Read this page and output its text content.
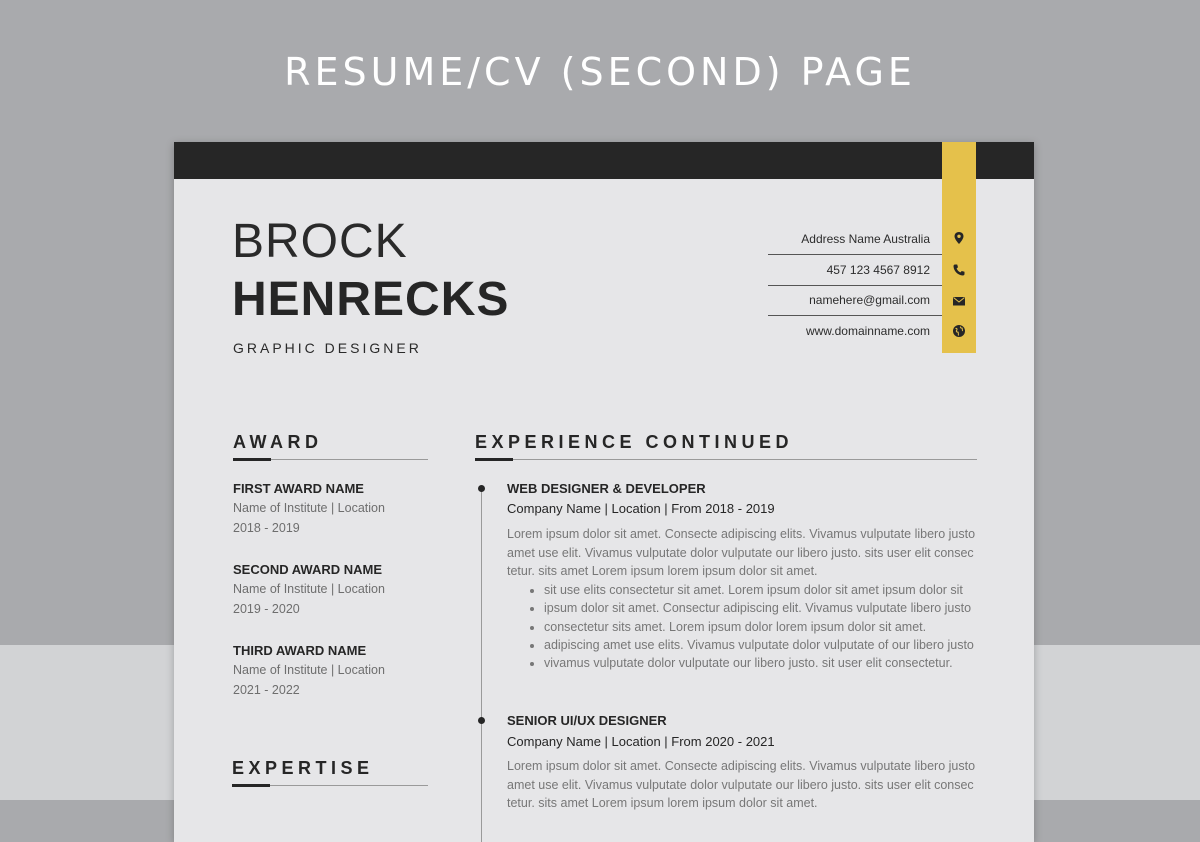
RESUME/CV (SECOND) PAGE
BROCK
HENRECKS
GRAPHIC DESIGNER
Address Name Australia
457 123 4567 8912
namehere@gmail.com
www.domainname.com
AWARD
FIRST AWARD NAME
Name of Institute | Location
2018 - 2019
SECOND AWARD NAME
Name of Institute | Location
2019 - 2020
THIRD AWARD NAME
Name of Institute | Location
2021 - 2022
EXPERTISE
EXPERIENCE CONTINUED
WEB DESIGNER & DEVELOPER
Company Name | Location | From 2018 - 2019
Lorem ipsum dolor sit amet. Consecte adipiscing elits. Vivamus vulputate libero justo amet use elit. Vivamus vulputate dolor vulputate our libero justo. sits user elit consec tetur. sits amet Lorem ipsum lorem ipsum dolor sit amet.
• sit use elits consectetur sit amet. Lorem ipsum dolor sit amet ipsum dolor sit
• ipsum dolor sit amet. Consectur adipiscing elit. Vivamus vulputate libero justo
• consectetur sits amet. Lorem ipsum dolor lorem ipsum dolor sit amet.
• adipiscing amet use elits. Vivamus vulputate dolor vulputate of our libero justo
• vivamus vulputate dolor vulputate our libero justo. sit user elit consectetur.
SENIOR UI/UX DESIGNER
Company Name | Location | From 2020 - 2021
Lorem ipsum dolor sit amet. Consecte adipiscing elits. Vivamus vulputate libero justo amet use elit. Vivamus vulputate dolor vulputate our libero justo. sits user elit consec tetur. sits amet Lorem ipsum lorem ipsum dolor sit amet.
